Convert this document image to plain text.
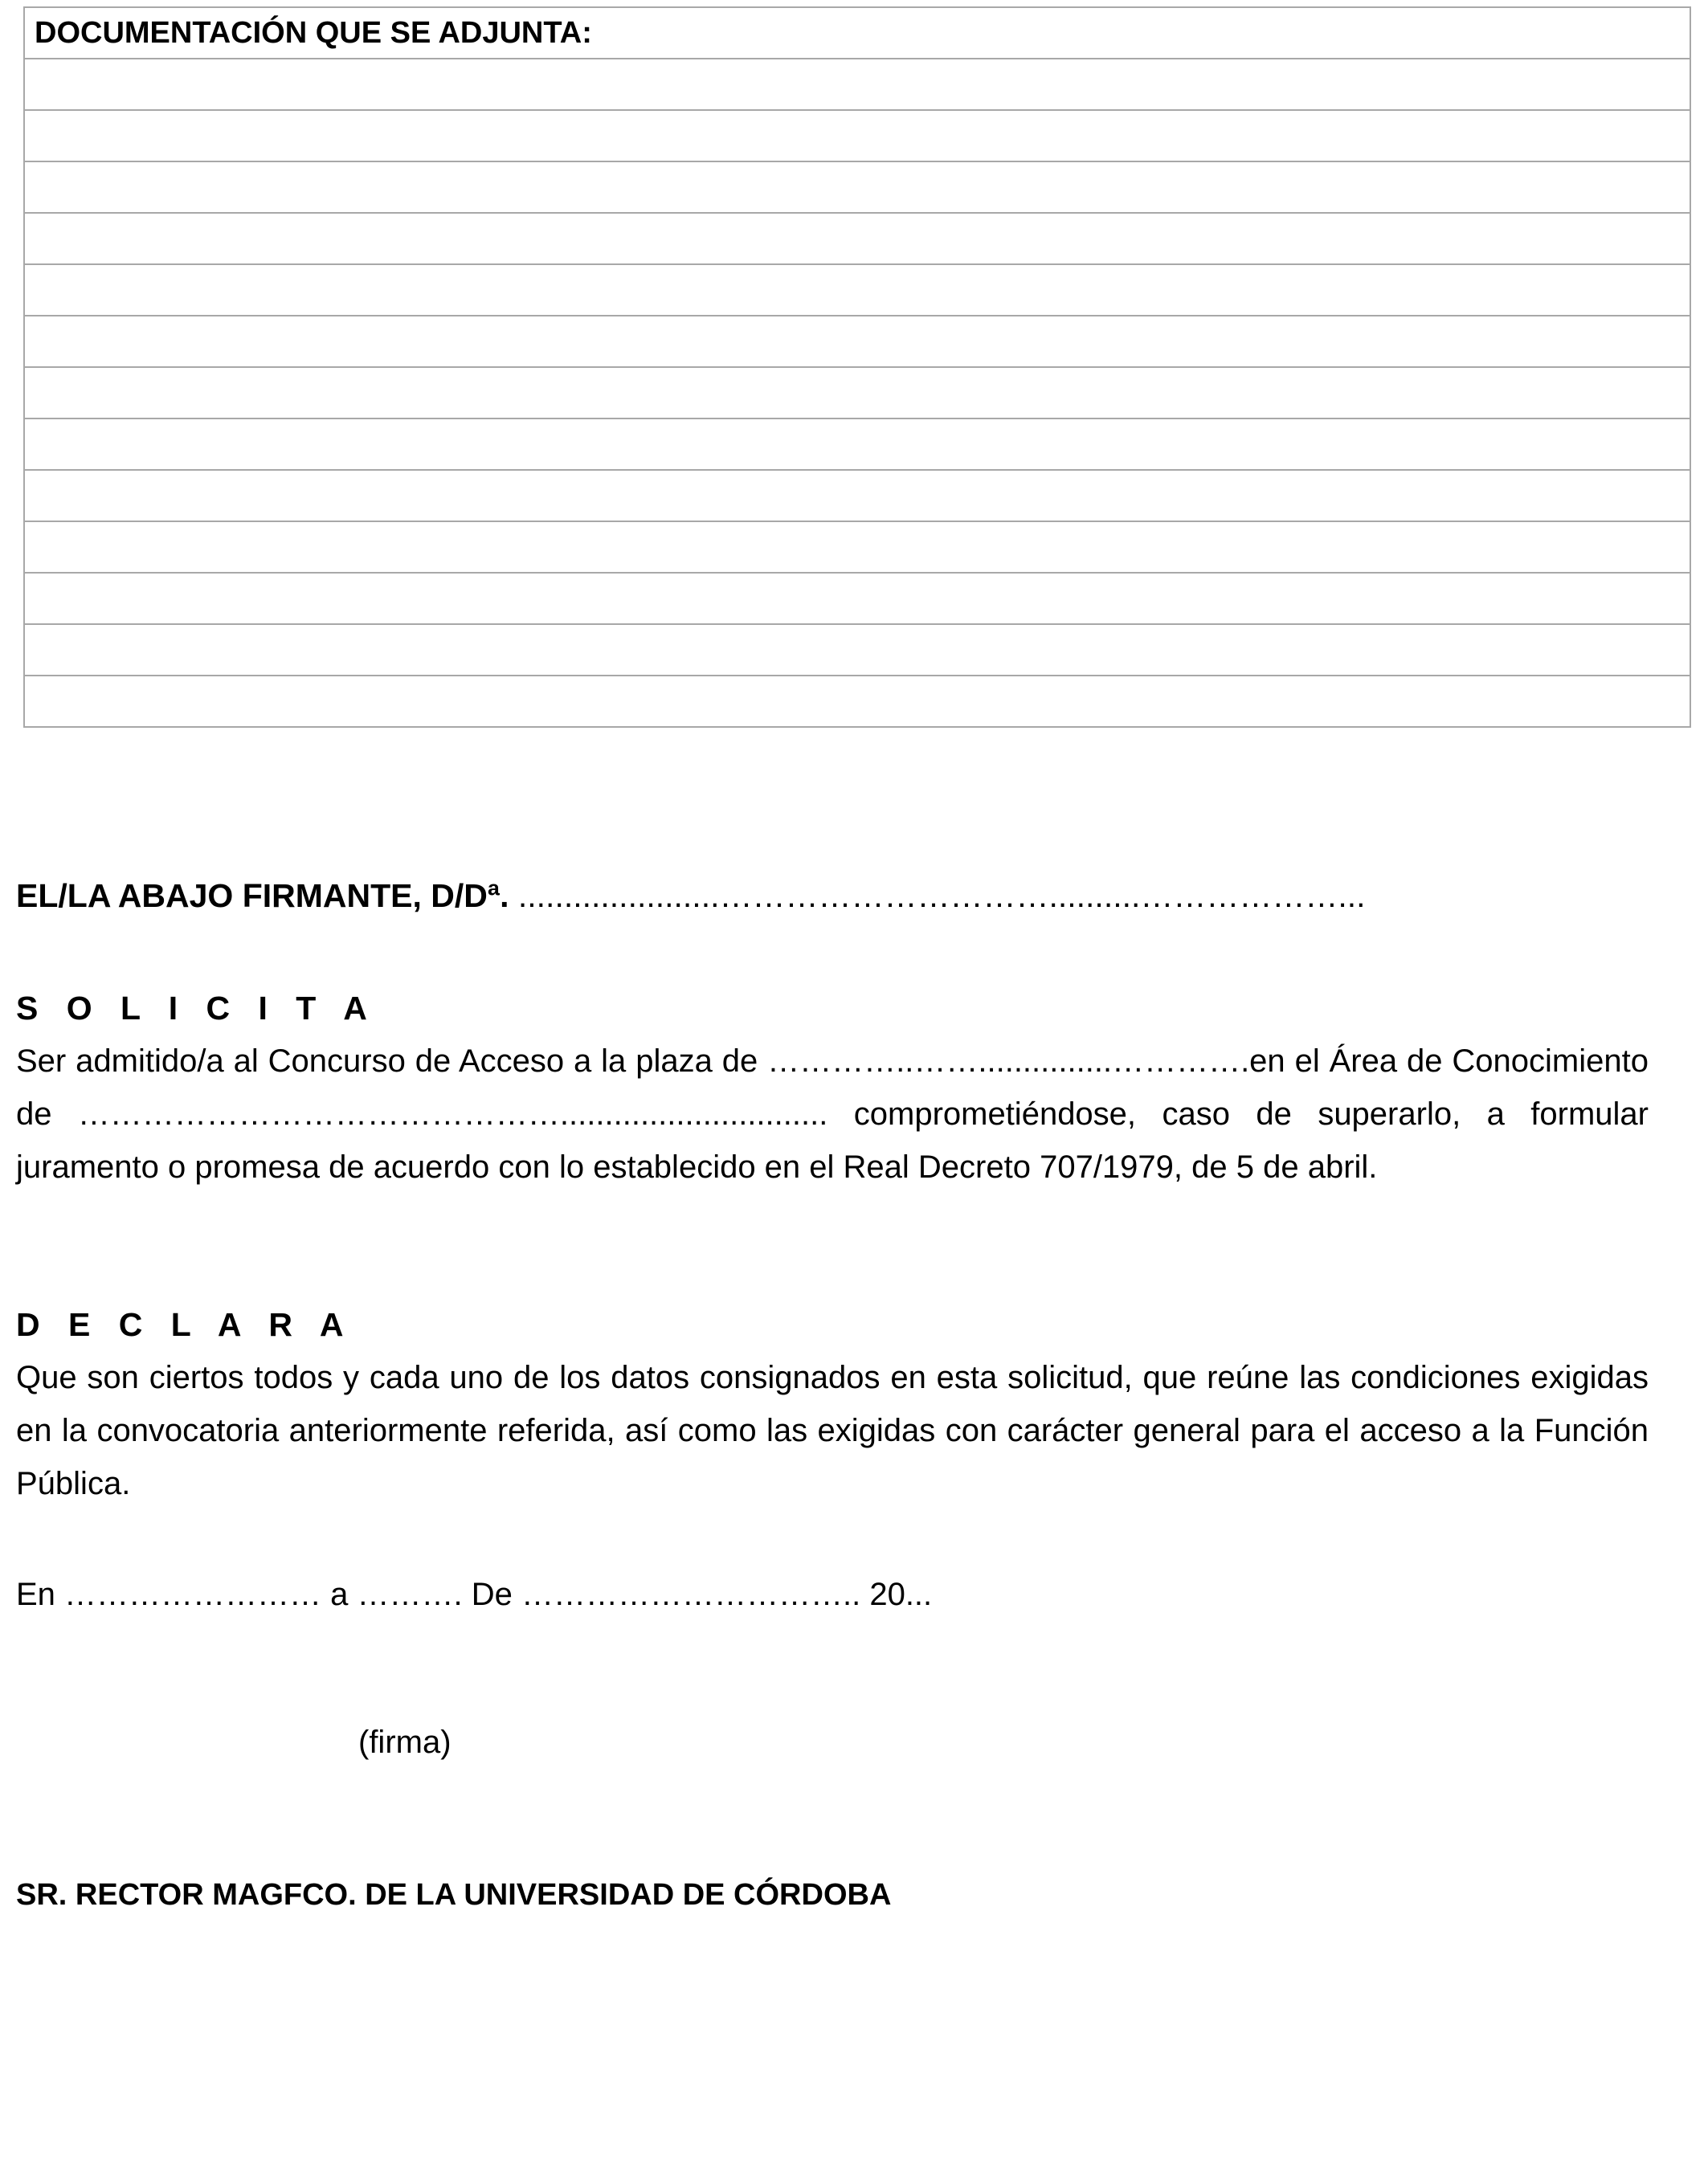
DOCUMENTACIÓN QUE SE ADJUNTA:

EL/LA ABAJO FIRMANTE, D/Dª. ......................…………………………..........………………...
S O L I C I T A
Ser admitido/a al Concurso de Acceso a la plaza de …………..……...............………….en el Área de Conocimiento de ……………………………………….............................. comprometiéndose, caso de superarlo, a formular juramento o promesa de acuerdo con lo establecido en el Real Decreto 707/1979, de 5 de abril.
D E C L A R A
Que son ciertos todos y cada uno de los datos consignados en esta solicitud, que reúne las condiciones exigidas en la convocatoria anteriormente referida, así como las exigidas con carácter general para el acceso a la Función Pública.
En …………………… a ………. De ………………………….. 20...
(firma)
SR. RECTOR MAGFCO. DE LA UNIVERSIDAD DE CÓRDOBA
